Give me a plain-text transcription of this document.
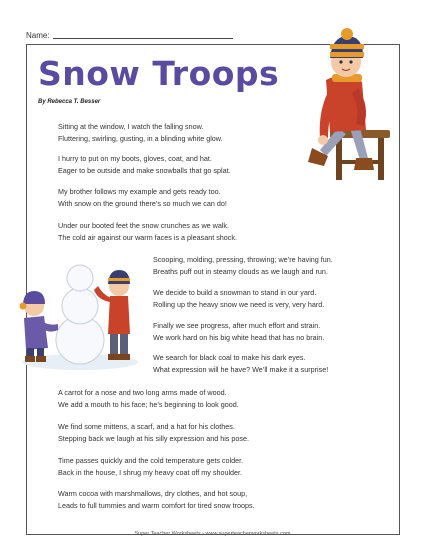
Name:
Snow Troops
By Rebecca T. Besser

Sitting at the window, I watch the falling snow.

Fluttering, swirling, gusting, in a blinding white glow.

I hurry to put on my boots, gloves, coat, and hat.

Eager to be outside and make snowballs that go splat.

My brother follows my example and gets ready too.

With snow on the ground there’s so much we can do!

Under our booted feet the snow crunches as we walk.

The cold air against our warm faces is a pleasant shock.

Scooping, molding, pressing, throwing; we’re having fun.

Breaths puff out in steamy clouds as we laugh and run.

We decide to build a snowman to stand in our yard.

Rolling up the heavy snow we need is very, very hard.

Finally we see progress, after much effort and strain.

We work hard on his big white head that has no brain.

We search for black coal to make his dark eyes.

What expression will he have? We’ll make it a surprise!

A carrot for a nose and two long arms made of wood.

We add a mouth to his face; he’s beginning to look good.

We find some mittens, a scarf, and a hat for his clothes.

Stepping back we laugh at his silly expression and his pose.

Time passes quickly and the cold temperature gets colder.

Back in the house, I shrug my heavy coat off my shoulder.

Warm cocoa with marshmallows, dry clothes, and hot soup,

Leads to full tummies and warm comfort for tired snow troops.

Super Teacher Worksheets - www.superteacherworksheets.com
